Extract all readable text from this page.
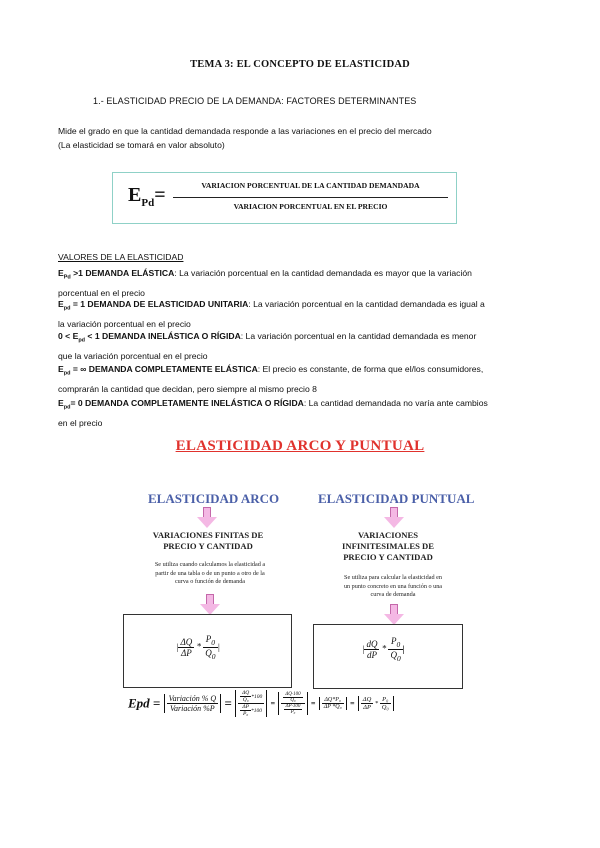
TEMA 3: EL CONCEPTO DE ELASTICIDAD
1.- ELASTICIDAD PRECIO DE LA DEMANDA: FACTORES DETERMINANTES
Mide el grado en que la cantidad demandada responde a las variaciones en el precio del mercado
(La elasticidad se tomará en valor absoluto)
$E_{Pd}=$	VARIACION PORCENTUAL DE LA CANTIDAD DEMANDADA
VARIACION PORCENTUAL EN EL PRECIO
VALORES DE LA ELASTICIDAD
$E_{Pd} >1$ DEMANDA ELÁSTICA: La variación porcentual en la cantidad demandada es mayor que la variación
porcentual en el precio
$E_{pd} = 1$ DEMANDA DE ELASTICIDAD UNITARIA: La variación porcentual en la cantidad demandada es igual a
la variación porcentual en el precio
$0 < E_{pd} < 1$ DEMANDA INELÁSTICA O RÍGIDA: La variación porcentual en la cantidad demandada es menor
que la variación porcentual en el precio
$E_{pd}$ = ∞ DEMANDA COMPLETAMENTE ELÁSTICA: El precio es constante, de forma que el/los consumidores,
comprarán la cantidad que decidan, pero siempre al mismo precio 8
$E_{pd}= 0$ DEMANDA COMPLETAMENTE INELÁSTICA O RÍGIDA: La cantidad demandada no varía ante cambios
en el precio
ELASTICIDAD ARCO Y PUNTUAL
ELASTICIDAD ARCO	ELASTICIDAD PUNTUAL
VARIACIONES FINITAS DE
PRECIO Y CANTIDAD
VARIACIONES
INFINITESIMALES DE
PRECIO Y CANTIDAD
Se utiliza cuando calculamos la elasticidad a
partir de una tabla o de un punto a otro de la
curva o función de demanda
Se utiliza para calcular la elasticidad en
un punto concreto en una función o una
curva de demanda
| $\frac{\Delta Q}{\Delta P} * \frac{P_0}{Q_0}$ |	| $\frac{dQ}{dP} * \frac{P_0}{Q_0}$ |
Epd = Variación % Q
Variación $\%P = \frac{\Delta Q}{\text{Q₀}} *100$
$\frac{\Delta P}{\text{P₀}} *100$
= $\frac{\frac{\Delta Q\cdot 100}{\text{Q₀}}}{\frac{\Delta P\cdot 100}{\text{P₀}}} = \frac{\text{ΔQ*P₀}}{\text{ΔP *Q₀}} = \frac{\Delta Q}{\Delta P} * \frac{\text{P₀}}{\text{Q₀}}$
